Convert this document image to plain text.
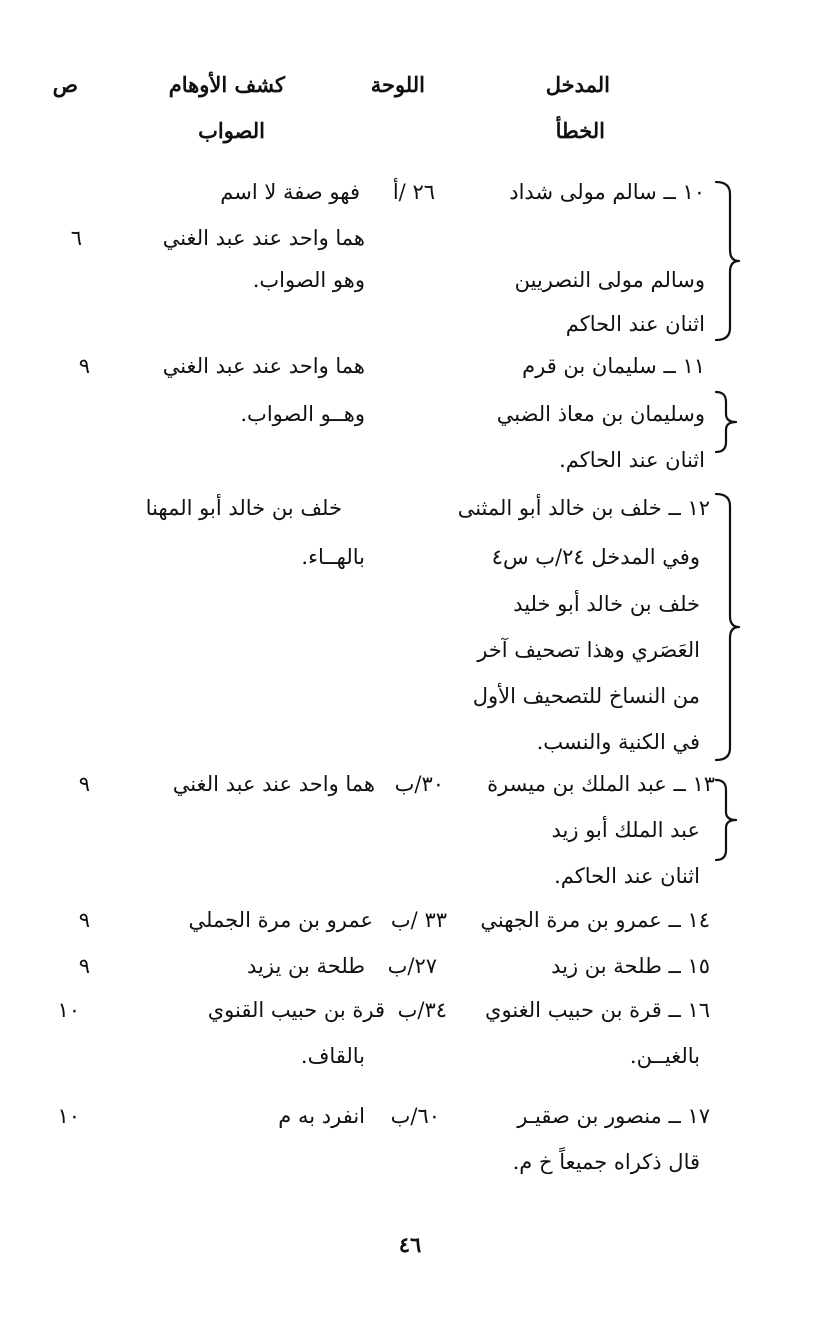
المدخل
اللوحة
كشف الأوهام
ص
الخطأ
الصواب
١٠ ــ سالم مولى شداد
وسالم مولى النصريين
اثنان عند الحاكم
٢٦ /أ
فهو صفة لا اسم
هما واحد عند عبد الغني
وهو الصواب.
٦
١١ ــ سليمان بن قرم
وسليمان بن معاذ الضبي
اثنان عند الحاكم.
هما واحد عند عبد الغني
وهــو الصواب.
٩
١٢ ــ خلف بن خالد أبو المثنى
وفي المدخل ٢٤/ب س٤
خلف بن خالد أبو خليد
العَصَري وهذا تصحيف آخر
من النساخ للتصحيف الأول
في الكنية والنسب.
خلف بن خالد أبو المهنا
بالهــاء.
١٣ ــ عبد الملك بن ميسرة
عبد الملك أبو زيد
اثنان عند الحاكم.
٣٠/ب
هما واحد عند عبد الغني
٩
١٤ ــ عمرو بن مرة الجهني
٣٣ /ب
عمرو بن مرة الجملي
٩
١٥ ــ طلحة بن زيد
٢٧/ب
طلحة بن يزيد
٩
١٦ ــ قرة بن حبيب الغنوي
بالغيــن.
٣٤/ب
قرة بن حبيب القنوي
بالقاف.
١٠
١٧ ــ منصور بن صقيـر
قال ذكراه جميعاً خ م.
٦٠/ب
انفرد به م
١٠
٤٦
